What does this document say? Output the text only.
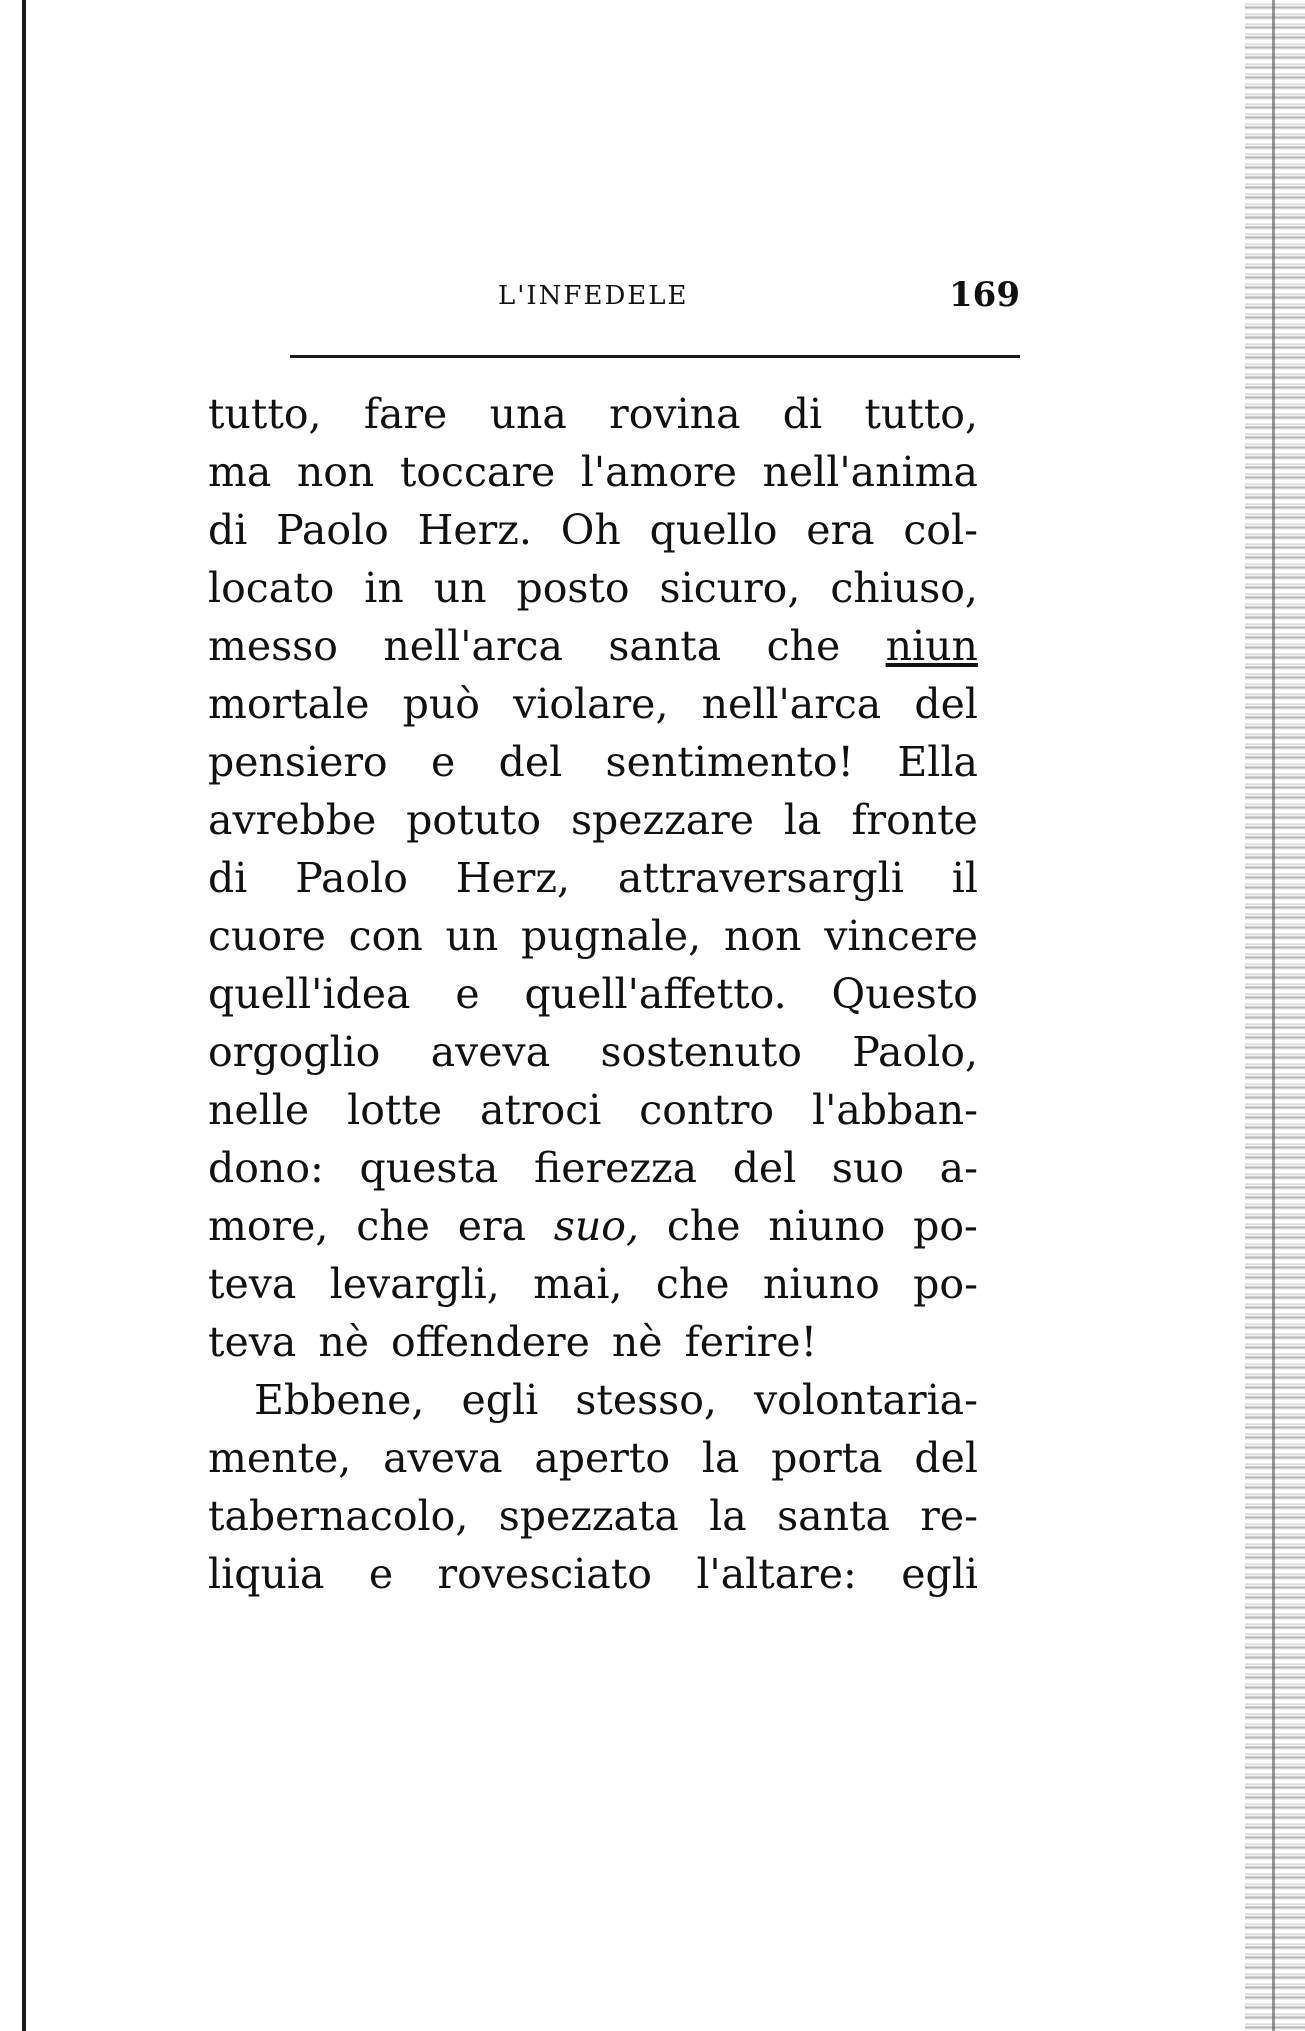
L'INFEDELE	169
tutto, fare una rovina di tutto,
ma non toccare l'amore nell'anima
di Paolo Herz. Oh quello era col-
locato in un posto sicuro, chiuso,
messo nell'arca santa che niun
mortale può violare, nell'arca del
pensiero e del sentimento! Ella
avrebbe potuto spezzare la fronte
di Paolo Herz, attraversargli il
cuore con un pugnale, non vincere
quell'idea e quell'affetto. Questo
orgoglio aveva sostenuto Paolo,
nelle lotte atroci contro l'abban-
dono: questa fierezza del suo a-
more, che era suo, che niuno po-
teva levargli, mai, che niuno po-
teva nè offendere nè ferire!
Ebbene, egli stesso, volontaria-
mente, aveva aperto la porta del
tabernacolo, spezzata la santa re-
liquia e rovesciato l'altare: egli
